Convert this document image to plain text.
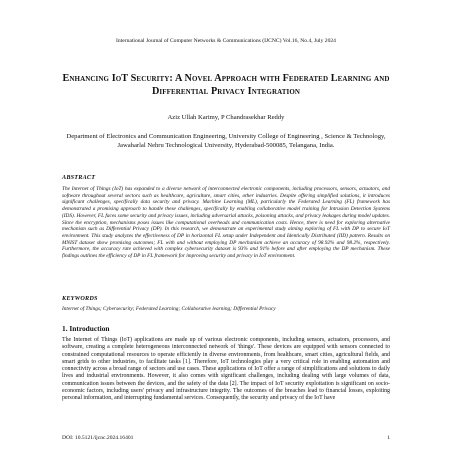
International Journal of Computer Networks & Communications (IJCNC) Vol.16, No.4, July 2024
Enhancing IoT Security: A Novel Approach with Federated Learning and Differential Privacy Integration
Aziz Ullah Karimy, P Chandrasekhar Reddy
Department of Electronics and Communication Engineering, University College of Engineering , Science & Technology, Jawaharlal Nehru Technological University, Hyderabad-500085, Telangana, India.
ABSTRACT
The Internet of Things (IoT) has expanded to a diverse network of interconnected electronic components, including processors, sensors, actuators, and software throughout several sectors such as healthcare, agriculture, smart cities, other industries. Despite offering simplified solutions, it introduces significant challenges, specifically data security and privacy. Machine Learning (ML), particularly the Federated Learning (FL) framework has demonstrated a promising approach to handle these challenges, specifically by enabling collaborative model training for Intrusion Detection Systems (IDS). However, FL faces some security and privacy issues, including adversarial attacks, poisoning attacks, and privacy leakages during model updates. Since the encryption, mechanisms poses issues like computational overheads and communication costs. Hence, there is need for exploring alternative mechanism such as Differential Privacy (DP). In this research, we demonstrate an experimental study aiming exploring of FL with DP to secure IoT environment. This study analyzes the effectiveness of DP in horizontal FL setup under Independent and Identically Distributed (IID) pattern. Results on MNIST dataset show promising outcomes; FL with and without employing DP mechanism achieve an accuracy of 98.92% and 98.2%, respectively. Furthermore, the accuracy rate achieved with complex cybersecurity dataset is 93% and 91% before and after employing the DP mechanism. These findings outlines the efficiency of DP in FL framework for improving security and privacy in IoT environment.
KEYWORDS
Internet of Things; Cybersecurity; Federated Learning; Collaborative learning; Differential Privacy
1. Introduction
The Internet of Things (IoT) applications are made up of various electronic components, including sensors, actuators, processors, and software, creating a complete heterogeneous interconnected network of 'things'. These devices are equipped with sensors connected to constrained computational resources to operate efficiently in diverse environments, from healthcare, smart cities, agricultural fields, and smart grids to other industries, to facilitate tasks [1]. Therefore, IoT technologies play a very critical role in enabling automation and connectivity across a broad range of sectors and use cases. These applications of IoT offer a range of simplifications and solutions to daily lives and industrial environments. However, it also comes with significant challenges, including dealing with large volumes of data, communication issues between the devices, and the safety of the data [2]. The impact of IoT security exploitation is significant on socio-economic factors, including users' privacy and infrastructure integrity. The outcomes of the breaches lead to financial losses, exploiting personal information, and interrupting fundamental services. Consequently, the security and privacy of the IoT have
DOI: 10.5121/ijcnc.2024.16401	1
